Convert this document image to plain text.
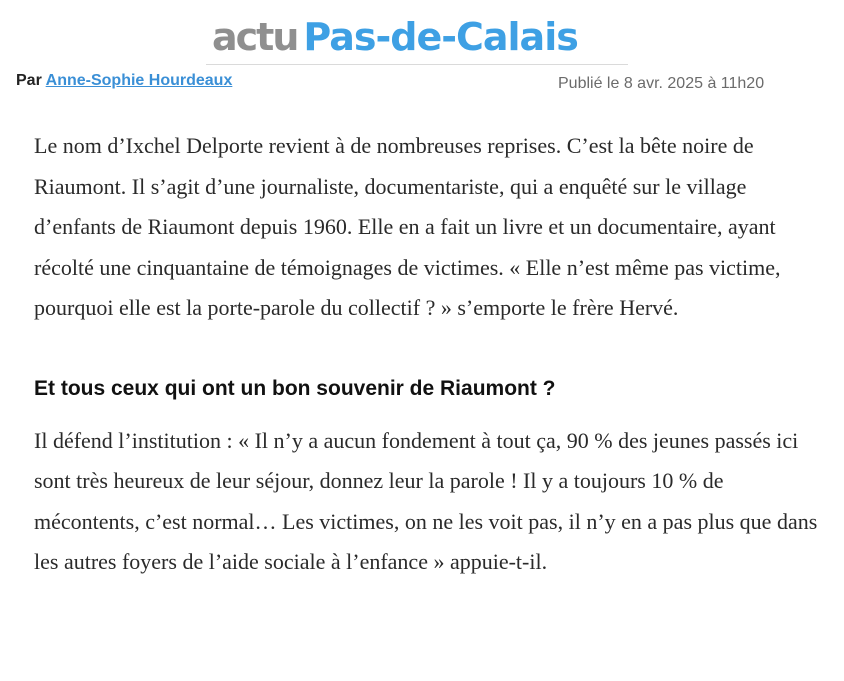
actu Pas-de-Calais
Par Anne-Sophie Hourdeaux	Publié le 8 avr. 2025 à 11h20

Le nom d’Ixchel Delporte revient à de nombreuses reprises. C’est la bête noire de Riaumont. Il s’agit d’une journaliste, documentariste, qui a enquêté sur le village d’enfants de Riaumont depuis 1960. Elle en a fait un livre et un documentaire, ayant récolté une cinquantaine de témoignages de victimes. « Elle n’est même pas victime, pourquoi elle est la porte-parole du collectif ? » s’emporte le frère Hervé.

Et tous ceux qui ont un bon souvenir de Riaumont ?

Il défend l’institution : « Il n’y a aucun fondement à tout ça, 90 % des jeunes passés ici sont très heureux de leur séjour, donnez leur la parole ! Il y a toujours 10 % de mécontents, c’est normal… Les victimes, on ne les voit pas, il n’y en a pas plus que dans les autres foyers de l’aide sociale à l’enfance » appuie-t-il.
